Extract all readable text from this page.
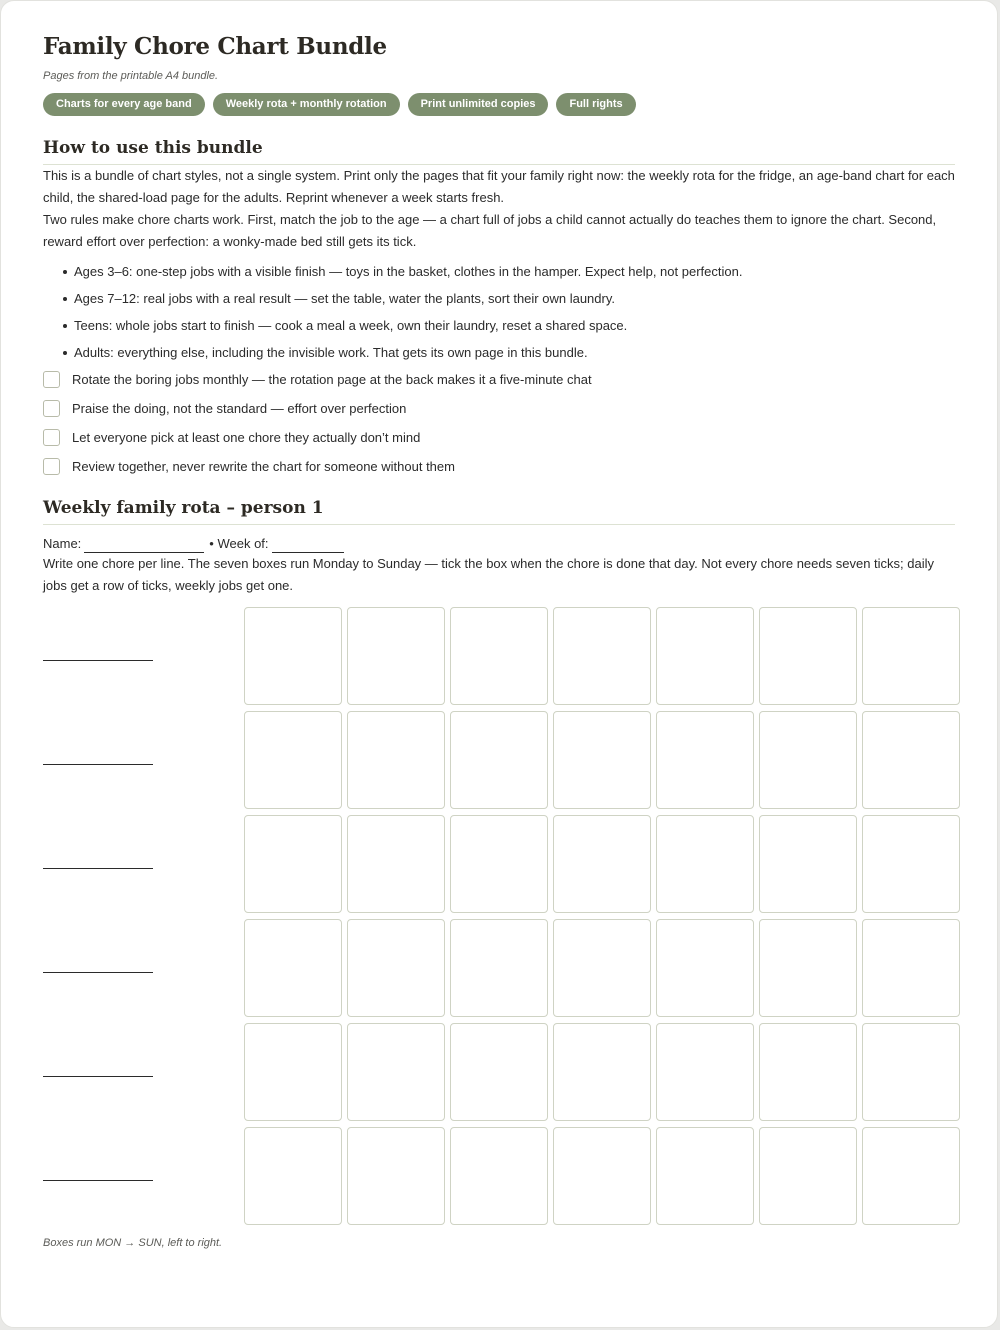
Family Chore Chart Bundle
Pages from the printable A4 bundle.
Charts for every age band	Weekly rota + monthly rotation	Print unlimited copies	Full rights
How to use this bundle

This is a bundle of chart styles, not a single system. Print only the pages that fit your family right now: the weekly rota for the fridge, an age-band chart for each child, the shared-load page for the adults. Reprint whenever a week starts fresh.

Two rules make chore charts work. First, match the job to the age — a chart full of jobs a child cannot actually do teaches them to ignore the chart. Second, reward effort over perfection: a wonky-made bed still gets its tick.

Ages 3–6: one-step jobs with a visible finish — toys in the basket, clothes in the hamper. Expect help, not perfection.
Ages 7–12: real jobs with a real result — set the table, water the plants, sort their own laundry.
Teens: whole jobs start to finish — cook a meal a week, own their laundry, reset a shared space.
Adults: everything else, including the invisible work. That gets its own page in this bundle.
Rotate the boring jobs monthly — the rotation page at the back makes it a five-minute chat
Praise the doing, not the standard — effort over perfection
Let everyone pick at least one chore they actually don’t mind
Review together, never rewrite the chart for someone without them
Weekly family rota – person 1
Name:	• Week of:

Write one chore per line. The seven boxes run Monday to Sunday — tick the box when the chore is done that day. Not every chore needs seven ticks; daily jobs get a row of ticks, weekly jobs get one.

Boxes run MON → SUN, left to right.
